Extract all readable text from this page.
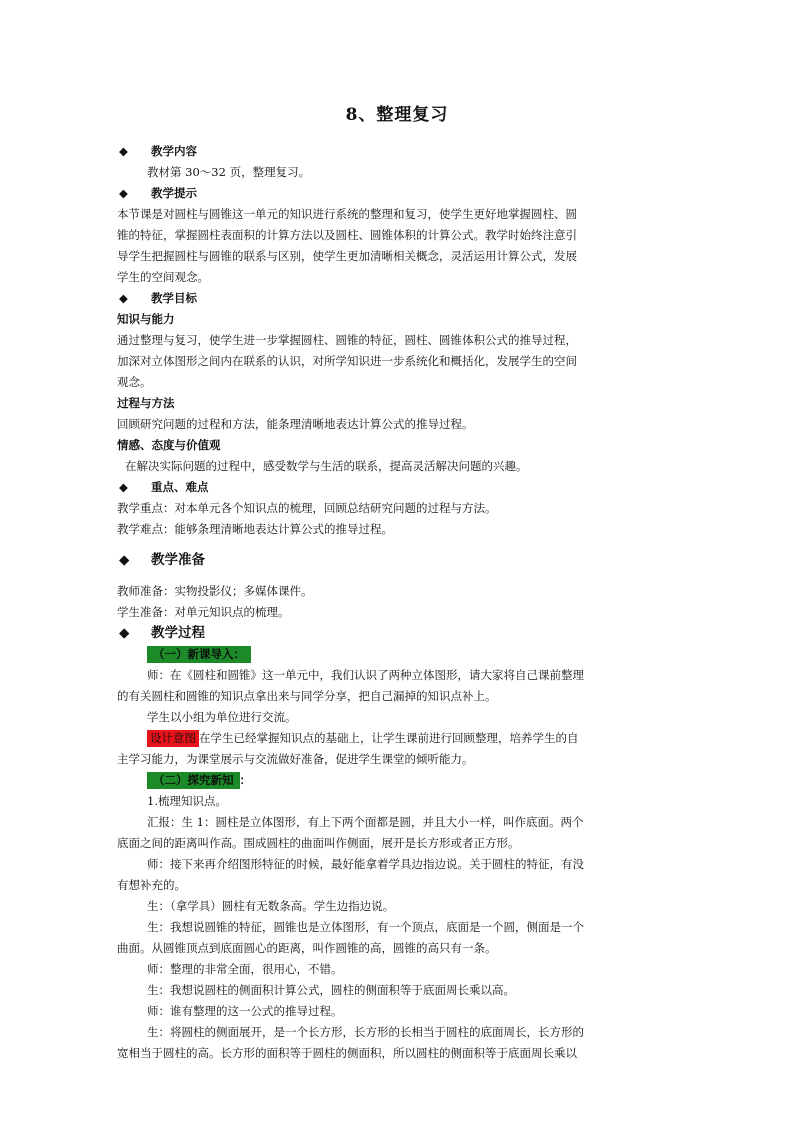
8、整理复习

◆ 教学内容

教材第 30～32 页，整理复习。

◆ 教学提示

本节课是对圆柱与圆锥这一单元的知识进行系统的整理和复习，使学生更好地掌握圆柱、圆

锥的特征，掌握圆柱表面积的计算方法以及圆柱、圆锥体积的计算公式。教学时始终注意引

导学生把握圆柱与圆锥的联系与区别，使学生更加清晰相关概念，灵活运用计算公式，发展

学生的空间观念。

◆ 教学目标

知识与能力

通过整理与复习，使学生进一步掌握圆柱、圆锥的特征，圆柱、圆锥体积公式的推导过程，

加深对立体图形之间内在联系的认识，对所学知识进一步系统化和概括化，发展学生的空间

观念。

过程与方法

回顾研究问题的过程和方法，能条理清晰地表达计算公式的推导过程。

情感、态度与价值观

在解决实际问题的过程中，感受数学与生活的联系，提高灵活解决问题的兴趣。

◆ 重点、难点

教学重点：对本单元各个知识点的梳理，回顾总结研究问题的过程与方法。

教学难点：能够条理清晰地表达计算公式的推导过程。

◆ 教学准备

教师准备：实物投影仪；多媒体课件。

学生准备：对单元知识点的梳理。

◆ 教学过程

（一）新课导入：

师：在《圆柱和圆锥》这一单元中，我们认识了两种立体图形，请大家将自己课前整理

的有关圆柱和圆锥的知识点拿出来与同学分享，把自己漏掉的知识点补上。

学生以小组为单位进行交流。

设计意图 在学生已经掌握知识点的基础上，让学生课前进行回顾整理，培养学生的自

主学习能力，为课堂展示与交流做好准备，促进学生课堂的倾听能力。

（二）探究新知 ：

1.梳理知识点。

汇报：生 1：圆柱是立体图形，有上下两个面都是圆，并且大小一样，叫作底面。两个

底面之间的距离叫作高。围成圆柱的曲面叫作侧面，展开是长方形或者正方形。

师：接下来再介绍图形特征的时候，最好能拿着学具边指边说。关于圆柱的特征，有没

有想补充的。

生：（拿学具）圆柱有无数条高。学生边指边说。

生：我想说圆锥的特征，圆锥也是立体图形，有一个顶点，底面是一个圆，侧面是一个

曲面。从圆锥顶点到底面圆心的距离，叫作圆锥的高，圆锥的高只有一条。

师：整理的非常全面，很用心，不错。

生：我想说圆柱的侧面积计算公式，圆柱的侧面积等于底面周长乘以高。

师：谁有整理的这一公式的推导过程。

生：将圆柱的侧面展开，是一个长方形，长方形的长相当于圆柱的底面周长，长方形的

宽相当于圆柱的高。长方形的面积等于圆柱的侧面积，所以圆柱的侧面积等于底面周长乘以
